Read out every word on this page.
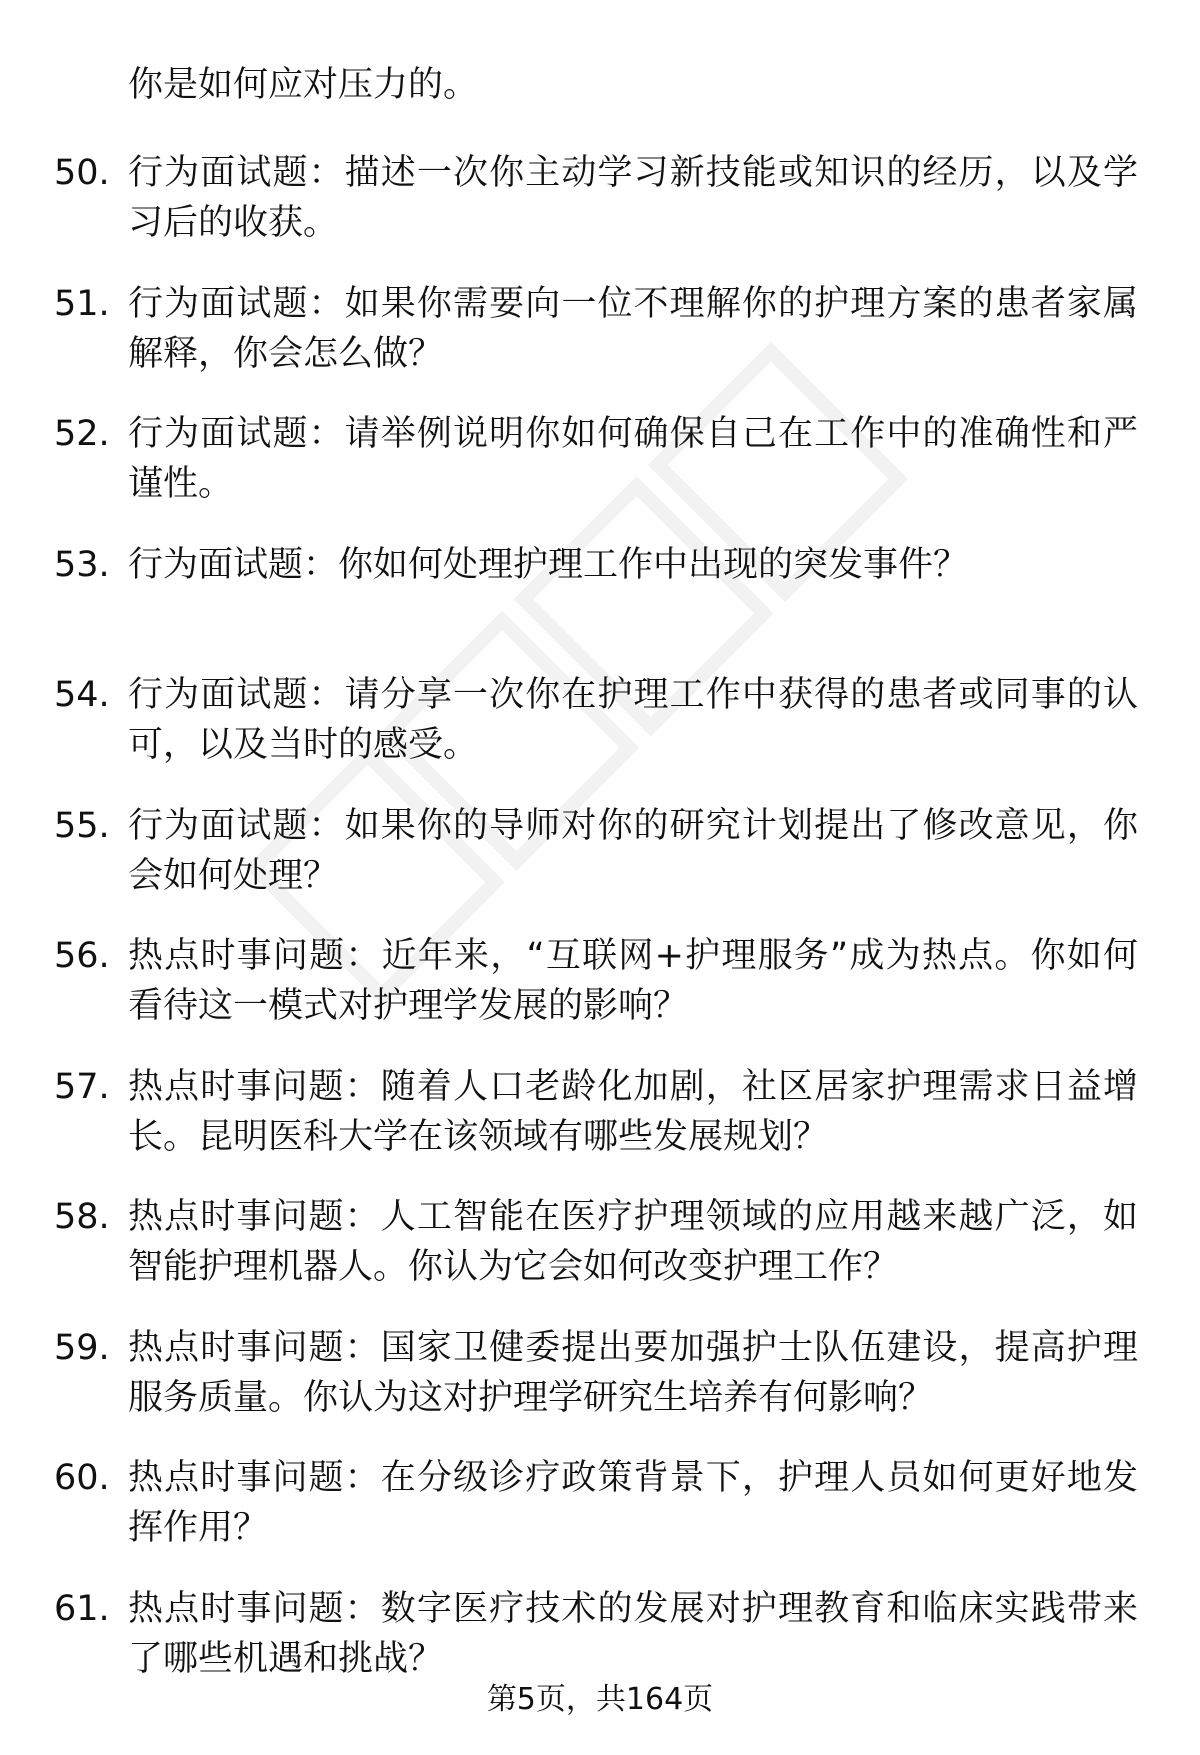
你是如何应对压力的。
50. 行为面试题：描述一次你主动学习新技能或知识的经历，以及学习后的收获。
51. 行为面试题：如果你需要向一位不理解你的护理方案的患者家属解释，你会怎么做？
52. 行为面试题：请举例说明你如何确保自己在工作中的准确性和严谨性。
53. 行为面试题：你如何处理护理工作中出现的突发事件？
54. 行为面试题：请分享一次你在护理工作中获得的患者或同事的认可，以及当时的感受。
55. 行为面试题：如果你的导师对你的研究计划提出了修改意见，你会如何处理？
56. 热点时事问题：近年来，“互联网+护理服务”成为热点。你如何看待这一模式对护理学发展的影响？
57. 热点时事问题：随着人口老龄化加剧，社区居家护理需求日益增长。昆明医科大学在该领域有哪些发展规划？
58. 热点时事问题：人工智能在医疗护理领域的应用越来越广泛，如智能护理机器人。你认为它会如何改变护理工作？
59. 热点时事问题：国家卫健委提出要加强护士队伍建设，提高护理服务质量。你认为这对护理学研究生培养有何影响？
60. 热点时事问题：在分级诊疗政策背景下，护理人员如何更好地发挥作用？
61. 热点时事问题：数字医疗技术的发展对护理教育和临床实践带来了哪些机遇和挑战？
第5页，共164页
